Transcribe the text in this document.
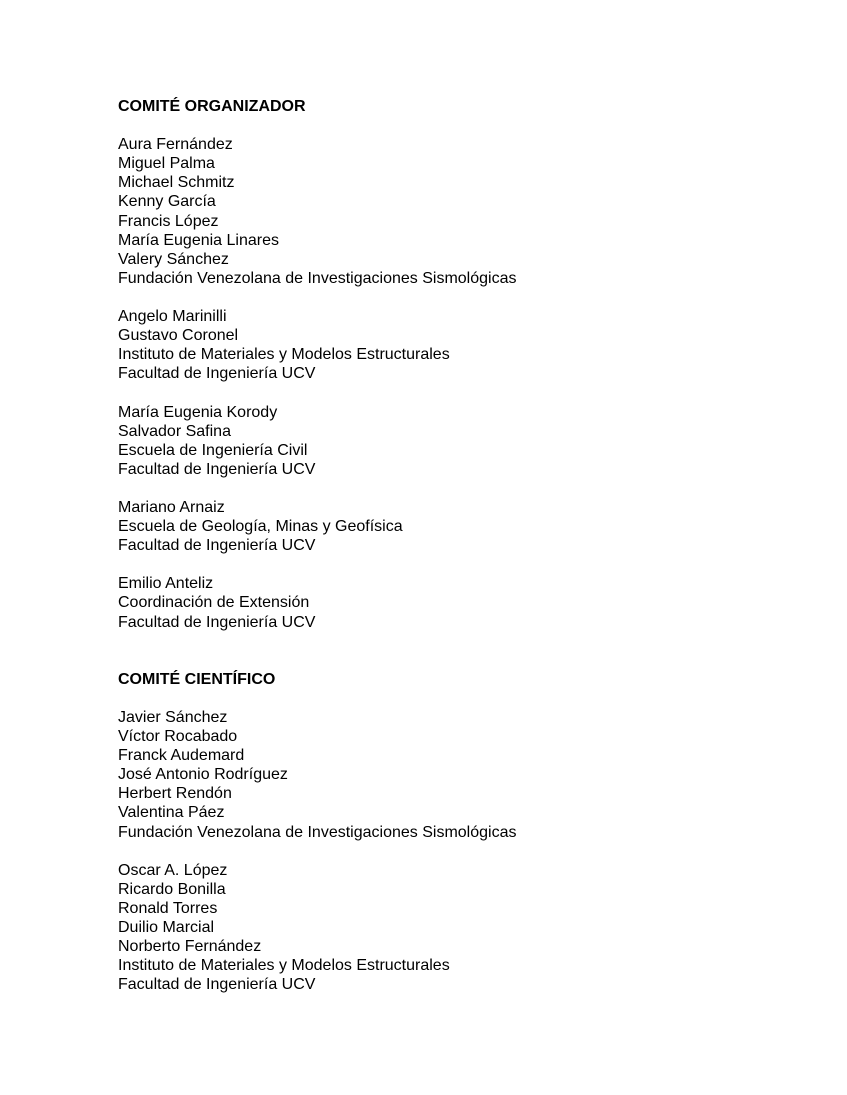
COMITÉ ORGANIZADOR

Aura Fernández
Miguel Palma
Michael Schmitz
Kenny García
Francis López
María Eugenia Linares
Valery Sánchez
Fundación Venezolana de Investigaciones Sismológicas
Angelo Marinilli
Gustavo Coronel
Instituto de Materiales y Modelos Estructurales
Facultad de Ingeniería UCV
María Eugenia Korody
Salvador Safina
Escuela de Ingeniería Civil
Facultad de Ingeniería UCV
Mariano Arnaiz
Escuela de Geología, Minas y Geofísica
Facultad de Ingeniería UCV
Emilio Anteliz
Coordinación de Extensión
Facultad de Ingeniería UCV

COMITÉ CIENTÍFICO

Javier Sánchez
Víctor Rocabado
Franck Audemard
José Antonio Rodríguez
Herbert Rendón
Valentina Páez
Fundación Venezolana de Investigaciones Sismológicas
Oscar A. López
Ricardo Bonilla
Ronald Torres
Duilio Marcial
Norberto Fernández
Instituto de Materiales y Modelos Estructurales
Facultad de Ingeniería UCV
